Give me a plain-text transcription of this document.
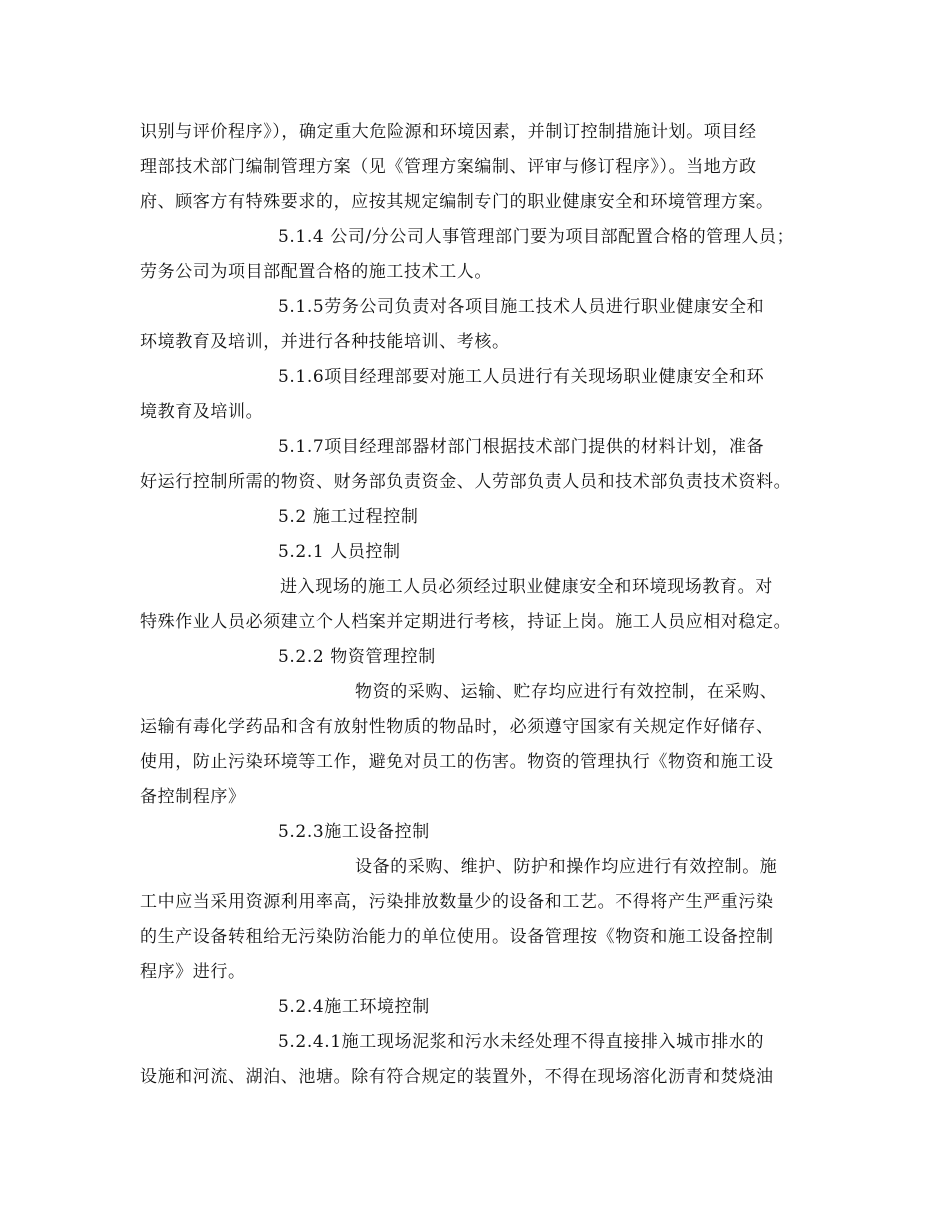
识别与评价程序》），确定重大危险源和环境因素，并制订控制措施计划。项目经
理部技术部门编制管理方案（见《管理方案编制、评审与修订程序》）。当地方政
府、顾客方有特殊要求的，应按其规定编制专门的职业健康安全和环境管理方案。
5.1.4 公司/分公司人事管理部门要为项目部配置合格的管理人员；
劳务公司为项目部配置合格的施工技术工人。
5.1.5劳务公司负责对各项目施工技术人员进行职业健康安全和
环境教育及培训，并进行各种技能培训、考核。
5.1.6项目经理部要对施工人员进行有关现场职业健康安全和环
境教育及培训。
5.1.7项目经理部器材部门根据技术部门提供的材料计划，准备
好运行控制所需的物资、财务部负责资金、人劳部负责人员和技术部负责技术资料。
5.2 施工过程控制
5.2.1 人员控制
进入现场的施工人员必须经过职业健康安全和环境现场教育。对
特殊作业人员必须建立个人档案并定期进行考核，持证上岗。施工人员应相对稳定。
5.2.2 物资管理控制
物资的采购、运输、贮存均应进行有效控制，在采购、
运输有毒化学药品和含有放射性物质的物品时，必须遵守国家有关规定作好储存、
使用，防止污染环境等工作，避免对员工的伤害。物资的管理执行《物资和施工设
备控制程序》
5.2.3施工设备控制
设备的采购、维护、防护和操作均应进行有效控制。施
工中应当采用资源利用率高，污染排放数量少的设备和工艺。不得将产生严重污染
的生产设备转租给无污染防治能力的单位使用。设备管理按《物资和施工设备控制
程序》进行。
5.2.4施工环境控制
5.2.4.1施工现场泥浆和污水未经处理不得直接排入城市排水的
设施和河流、湖泊、池塘。除有符合规定的装置外，不得在现场溶化沥青和焚烧油
